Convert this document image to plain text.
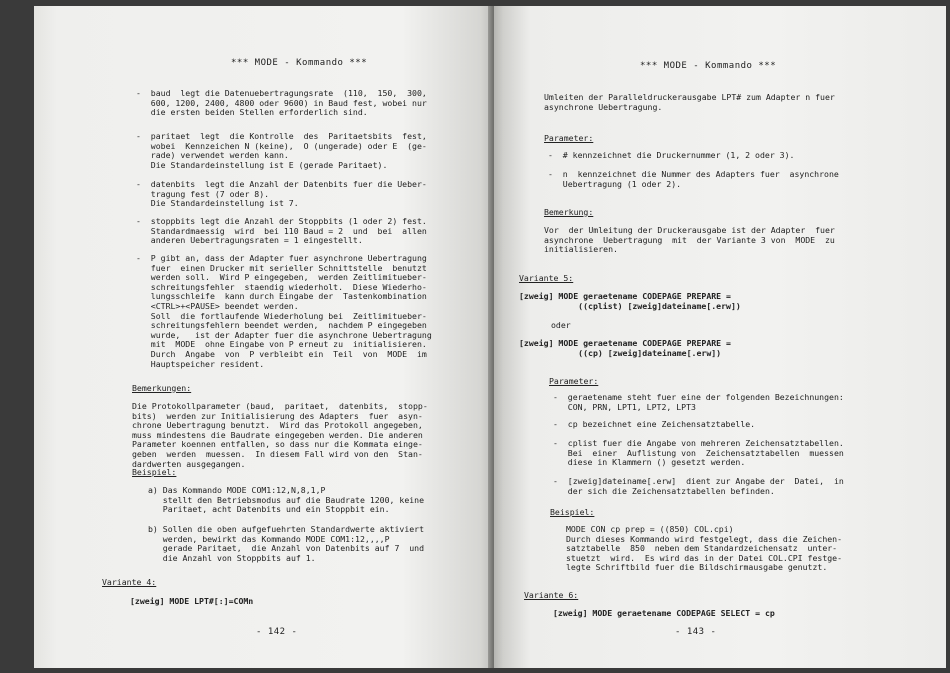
*** MODE - Kommando ***
-  baud  legt die Datenuebertragungsrate  (110,  150,  300,
600, 1200, 2400, 4800 oder 9600) in Baud fest, wobei nur
die ersten beiden Stellen erforderlich sind.
-  paritaet  legt  die Kontrolle  des  Paritaetsbits  fest,
wobei  Kennzeichen N (keine),  O (ungerade) oder E  (ge-
rade) verwendet werden kann.
Die Standardeinstellung ist E (gerade Paritaet).
-  datenbits  legt die Anzahl der Datenbits fuer die Ueber-
tragung fest (7 oder 8).
Die Standardeinstellung ist 7.
-  stoppbits legt die Anzahl der Stoppbits (1 oder 2) fest.
Standardmaessig  wird  bei 110 Baud = 2  und  bei  allen
anderen Uebertragungsraten = 1 eingestellt.
-  P gibt an, dass der Adapter fuer asynchrone Uebertragung
fuer  einen Drucker mit serieller Schnittstelle  benutzt
werden soll.  Wird P eingegeben,  werden Zeitlimitueber-
schreitungsfehler  staendig wiederholt.  Diese Wiederho-
lungsschleife  kann durch Eingabe der  Tastenkombination
<CTRL>+<PAUSE> beendet werden.
Soll  die fortlaufende Wiederholung bei  Zeitlimitueber-
schreitungsfehlern beendet werden,  nachdem P eingegeben
wurde,   ist der Adapter fuer die asynchrone Uebertragung
mit  MODE  ohne Eingabe von P erneut zu  initialisieren.
Durch  Angabe  von  P verbleibt ein  Teil  von  MODE  im
Hauptspeicher resident.
Bemerkungen:
Die Protokollparameter (baud,  paritaet,  datenbits,  stopp-
bits)  werden zur Initialisierung des Adapters  fuer  asyn-
chrone Uebertragung benutzt.  Wird das Protokoll angegeben,
muss mindestens die Baudrate eingegeben werden. Die anderen
Parameter koennen entfallen, so dass nur die Kommata einge-
geben  werden  muessen.  In diesem Fall wird von den  Stan-
dardwerten ausgegangen.
Beispiel:
a) Das Kommando MODE COM1:12,N,8,1,P
stellt den Betriebsmodus auf die Baudrate 1200, keine
Paritaet, acht Datenbits und ein Stoppbit ein.
b) Sollen die oben aufgefuehrten Standardwerte aktiviert
werden, bewirkt das Kommando MODE COM1:12,,,,P
gerade Paritaet,  die Anzahl von Datenbits auf 7  und
die Anzahl von Stoppbits auf 1.
Variante 4:
[zweig] MODE LPT#[:]=COMn
- 142 -
*** MODE - Kommando ***
Umleiten der Paralleldruckerausgabe LPT# zum Adapter n fuer
asynchrone Uebertragung.
Parameter:
-  # kennzeichnet die Druckernummer (1, 2 oder 3).
-  n  kennzeichnet die Nummer des Adapters fuer  asynchrone
Uebertragung (1 oder 2).
Bemerkung:
Vor  der Umleitung der Druckerausgabe ist der Adapter  fuer
asynchrone  Uebertragung  mit  der Variante 3 von  MODE  zu
initialisieren.
Variante 5:
[zweig] MODE geraetename CODEPAGE PREPARE =
((cplist) [zweig]dateiname[.erw])
oder
[zweig] MODE geraetename CODEPAGE PREPARE =
((cp) [zweig]dateiname[.erw])
Parameter:
-  geraetename steht fuer eine der folgenden Bezeichnungen:
CON, PRN, LPT1, LPT2, LPT3
-  cp bezeichnet eine Zeichensatztabelle.
-  cplist fuer die Angabe von mehreren Zeichensatztabellen.
Bei  einer  Auflistung von  Zeichensatztabellen  muessen
diese in Klammern () gesetzt werden.
-  [zweig]dateiname[.erw]  dient zur Angabe der  Datei,  in
der sich die Zeichensatztabellen befinden.
Beispiel:
MODE CON cp prep = ((850) COL.cpi)
Durch dieses Kommando wird festgelegt, dass die Zeichen-
satztabelle  850  neben dem Standardzeichensatz  unter-
stuetzt  wird.  Es wird das in der Datei COL.CPI festge-
legte Schriftbild fuer die Bildschirmausgabe genutzt.
Variante 6:
[zweig] MODE geraetename CODEPAGE SELECT = cp
- 143 -
